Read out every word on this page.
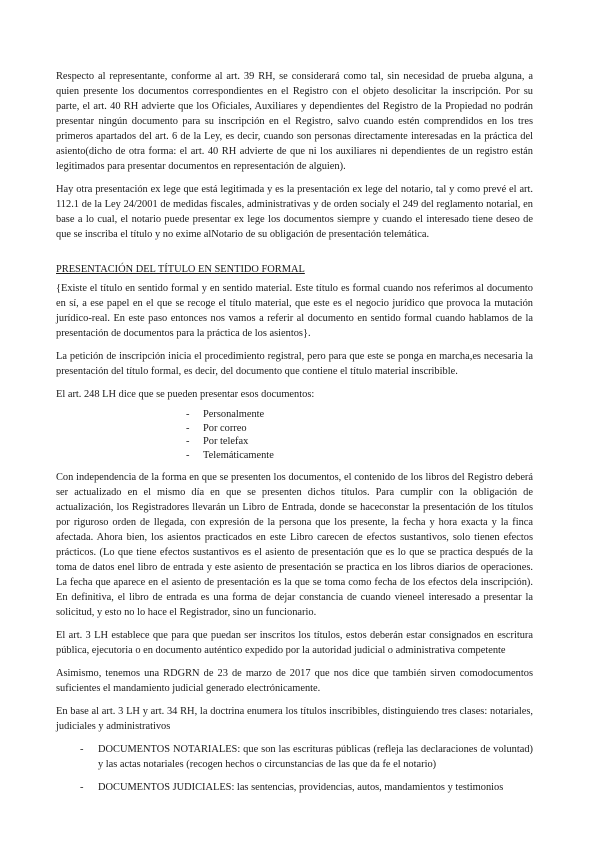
Respecto al representante, conforme al art. 39 RH, se considerará como tal, sin necesidad de prueba alguna, a quien presente los documentos correspondientes en el Registro con el objeto desolicitar la inscripción. Por su parte, el art. 40 RH advierte que los Oficiales, Auxiliares y dependientes del Registro de la Propiedad no podrán presentar ningún documento para su inscripción en el Registro, salvo cuando estén comprendidos en los tres primeros apartados del art. 6 de la Ley, es decir, cuando son personas directamente interesadas en la práctica del asiento(dicho de otra forma: el art. 40 RH advierte de que ni los auxiliares ni dependientes de un registro están legitimados para presentar documentos en representación de alguien).

Hay otra presentación ex lege que está legitimada y es la presentación ex lege del notario, tal y como prevé el art. 112.1 de la Ley 24/2001 de medidas fiscales, administrativas y de orden socialy el 249 del reglamento notarial, en base a lo cual, el notario puede presentar ex lege los documentos siempre y cuando el interesado tiene deseo de que se inscriba el título y no exime alNotario de su obligación de presentación telemática.

PRESENTACIÓN DEL TÍTULO EN SENTIDO FORMAL

{Existe el título en sentido formal y en sentido material. Este título es formal cuando nos referimos al documento en sí, a ese papel en el que se recoge el título material, que este es el negocio jurídico que provoca la mutación jurídico-real. En este paso entonces nos vamos a referir al documento en sentido formal cuando hablamos de la presentación de documentos para la práctica de los asientos}.

La petición de inscripción inicia el procedimiento registral, pero para que este se ponga en marcha,es necesaria la presentación del título formal, es decir, del documento que contiene el título material inscribible.

El art. 248 LH dice que se pueden presentar esos documentos:

- Personalmente
- Por correo
- Por telefax
- Telemáticamente

Con independencia de la forma en que se presenten los documentos, el contenido de los libros del Registro deberá ser actualizado en el mismo día en que se presenten dichos títulos. Para cumplir con la obligación de actualización, los Registradores llevarán un Libro de Entrada, donde se haceconstar la presentación de los títulos por riguroso orden de llegada, con expresión de la persona que los presente, la fecha y hora exacta y la finca afectada. Ahora bien, los asientos practicados en este Libro carecen de efectos sustantivos, solo tienen efectos prácticos. (Lo que tiene efectos sustantivos es el asiento de presentación que es lo que se practica después de la toma de datos enel libro de entrada y este asiento de presentación se practica en los libros diarios de operaciones. La fecha que aparece en el asiento de presentación es la que se toma como fecha de los efectos dela inscripción). En definitiva, el libro de entrada es una forma de dejar constancia de cuando vieneel interesado a presentar la solicitud, y esto no lo hace el Registrador, sino un funcionario.

El art. 3 LH establece que para que puedan ser inscritos los títulos, estos deberán estar consignados en escritura pública, ejecutoria o en documento auténtico expedido por la autoridad judicial o administrativa competente

Asimismo, tenemos una RDGRN de 23 de marzo de 2017 que nos dice que también sirven comodocumentos suficientes el mandamiento judicial generado electrónicamente.

En base al art. 3 LH y art. 34 RH, la doctrina enumera los títulos inscribibles, distinguiendo tres clases: notariales, judiciales y administrativos

- DOCUMENTOS NOTARIALES: que son las escrituras públicas (refleja las declaraciones de voluntad) y las actas notariales (recogen hechos o circunstancias de las que da fe el notario)
- DOCUMENTOS JUDICIALES: las sentencias, providencias, autos, mandamientos y testimonios
